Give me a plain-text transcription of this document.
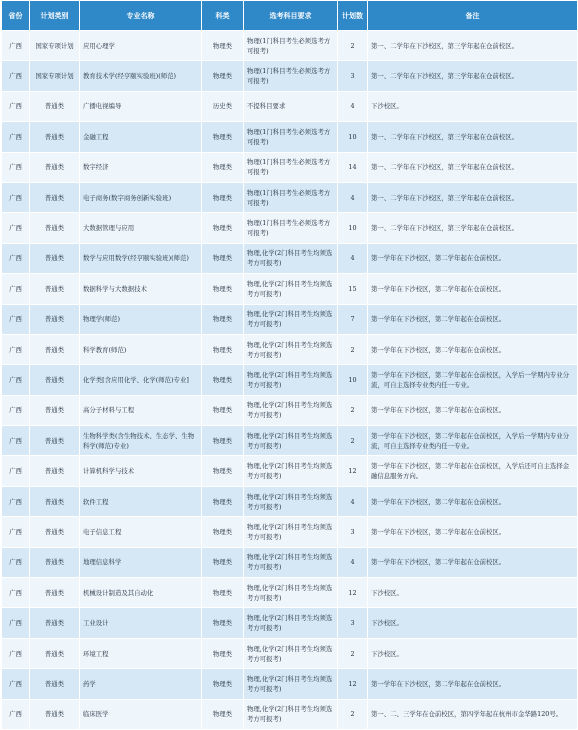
省份	计划类别	专业名称	科类	选考科目要求	计划数	备注
广西	国家专项计划	应用心理学	物理类	物理(1门科目考生必须选考方可报考)	2	第一、二学年在下沙校区，第三学年起在仓前校区。
广西	国家专项计划	教育技术学(经亨颐实验班)(师范)	物理类	物理(1门科目考生必须选考方可报考)	3	第一、二学年在下沙校区，第三学年起在仓前校区。
广西	普通类	广播电视编导	历史类	不提科目要求	4	下沙校区。
广西	普通类	金融工程	物理类	物理(1门科目考生必须选考方可报考)	10	第一、二学年在下沙校区，第三学年起在仓前校区。
广西	普通类	数字经济	物理类	物理(1门科目考生必须选考方可报考)	14	第一、二学年在下沙校区，第三学年起在仓前校区。
广西	普通类	电子商务(数字商务创新实验班)	物理类	物理(1门科目考生必须选考方可报考)	4	第一、二学年在下沙校区，第三学年起在仓前校区。
广西	普通类	大数据管理与应用	物理类	物理(1门科目考生必须选考方可报考)	10	第一、二学年在下沙校区，第三学年起在仓前校区。
广西	普通类	数学与应用数学(经亨颐实验班)(师范)	物理类	物理,化学(2门科目考生均须选考方可报考)	4	第一学年在下沙校区，第二学年起在仓前校区。
广西	普通类	数据科学与大数据技术	物理类	物理,化学(2门科目考生均须选考方可报考)	15	第一学年在下沙校区，第二学年起在仓前校区。
广西	普通类	物理学(师范)	物理类	物理,化学(2门科目考生均须选考方可报考)	7	第一学年在下沙校区，第二学年起在仓前校区。
广西	普通类	科学教育(师范)	物理类	物理,化学(2门科目考生均须选考方可报考)	2	第一学年在下沙校区，第二学年起在仓前校区。
广西	普通类	化学类[含应用化学、化学(师范)专业]	物理类	物理,化学(2门科目考生均须选考方可报考)	10	第一学年在下沙校区，第二学年起在仓前校区，入学后一学期内专业分流，可自主选择专业类内任一专业。
广西	普通类	高分子材料与工程	物理类	物理,化学(2门科目考生均须选考方可报考)	2	第一学年在下沙校区，第二学年起在仓前校区。
广西	普通类	生物科学类(含生物技术、生态学、生物科学(师范)专业)	物理类	物理,化学(2门科目考生均须选考方可报考)	2	第一学年在下沙校区，第二学年起在仓前校区，入学后一学期内专业分流，可自主选择专业类内任一专业。
广西	普通类	计算机科学与技术	物理类	物理,化学(2门科目考生均须选考方可报考)	12	第一学年在下沙校区，第二学年起在仓前校区，入学后还可自主选择金融信息服务方向。
广西	普通类	软件工程	物理类	物理,化学(2门科目考生均须选考方可报考)	4	第一学年在下沙校区，第二学年起在仓前校区。
广西	普通类	电子信息工程	物理类	物理,化学(2门科目考生均须选考方可报考)	3	第一学年在下沙校区，第二学年起在仓前校区。
广西	普通类	地理信息科学	物理类	物理,化学(2门科目考生均须选考方可报考)	4	第一学年在下沙校区，第二学年起在仓前校区。
广西	普通类	机械设计制造及其自动化	物理类	物理,化学(2门科目考生均须选考方可报考)	12	下沙校区。
广西	普通类	工业设计	物理类	物理,化学(2门科目考生均须选考方可报考)	3	下沙校区。
广西	普通类	环境工程	物理类	物理,化学(2门科目考生均须选考方可报考)	2	下沙校区。
广西	普通类	药学	物理类	物理,化学(2门科目考生均须选考方可报考)	12	第一学年在下沙校区，第二学年起在仓前校区。
广西	普通类	临床医学	物理类	物理,化学(2门科目考生均须选考方可报考)	2	第一、二、三学年在仓前校区，第四学年起在杭州市金华路120号。
